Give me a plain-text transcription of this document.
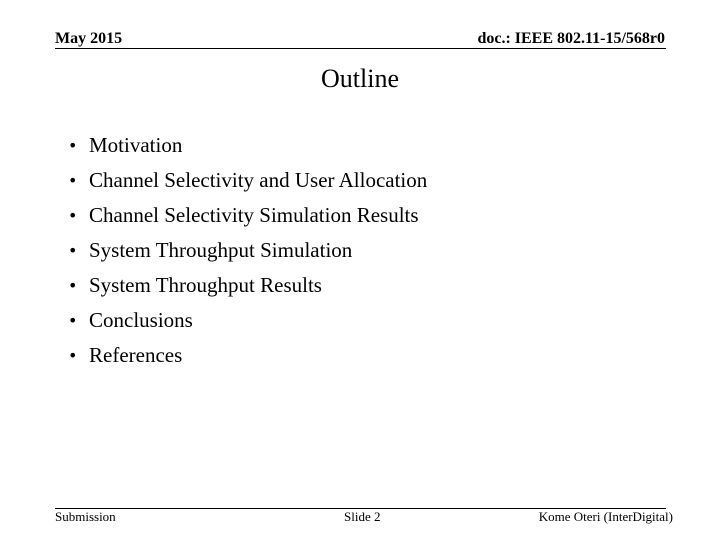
May 2015	doc.: IEEE 802.11-15/568r0
Outline
• Motivation
• Channel Selectivity and User Allocation
• Channel Selectivity Simulation Results
• System Throughput Simulation
• System Throughput Results
• Conclusions
• References
Submission	Slide 2	Kome Oteri (InterDigital)
